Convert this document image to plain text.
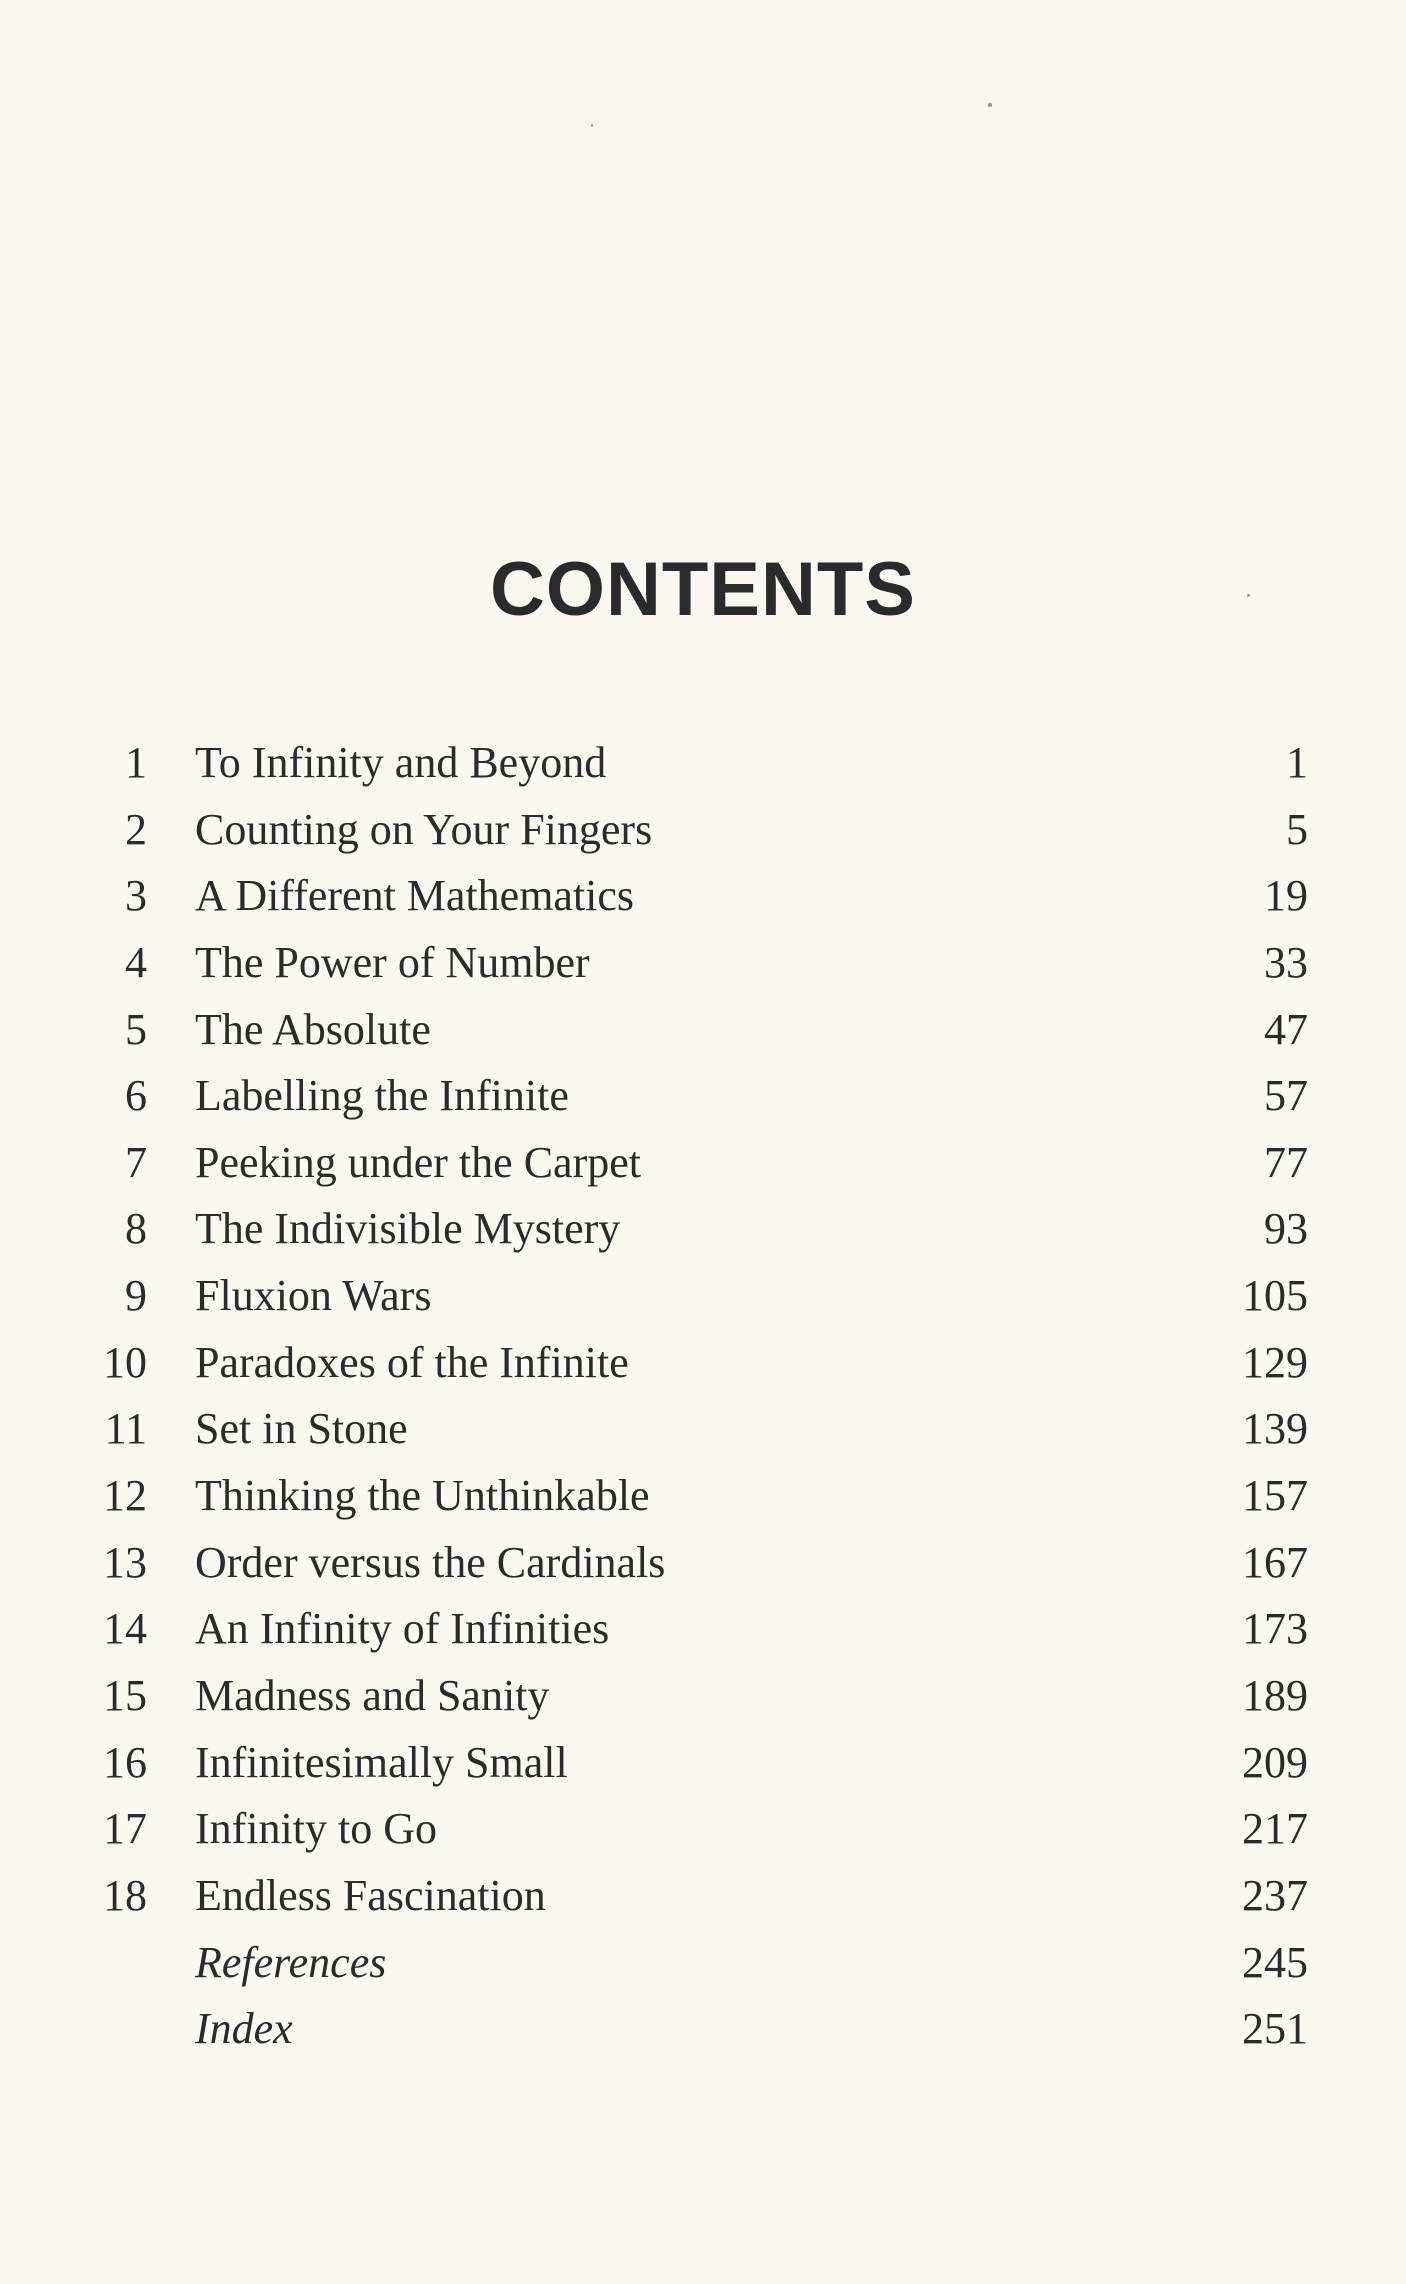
CONTENTS
1 To Infinity and Beyond	1
2 Counting on Your Fingers	5
3 A Different Mathematics	19
4 The Power of Number	33
5 The Absolute	47
6 Labelling the Infinite	57
7 Peeking under the Carpet	77
8 The Indivisible Mystery	93
9 Fluxion Wars	105
10 Paradoxes of the Infinite	129
11 Set in Stone	139
12 Thinking the Unthinkable	157
13 Order versus the Cardinals	167
14 An Infinity of Infinities	173
15 Madness and Sanity	189
16 Infinitesimally Small	209
17 Infinity to Go	217
18 Endless Fascination	237
References	245
Index	251
